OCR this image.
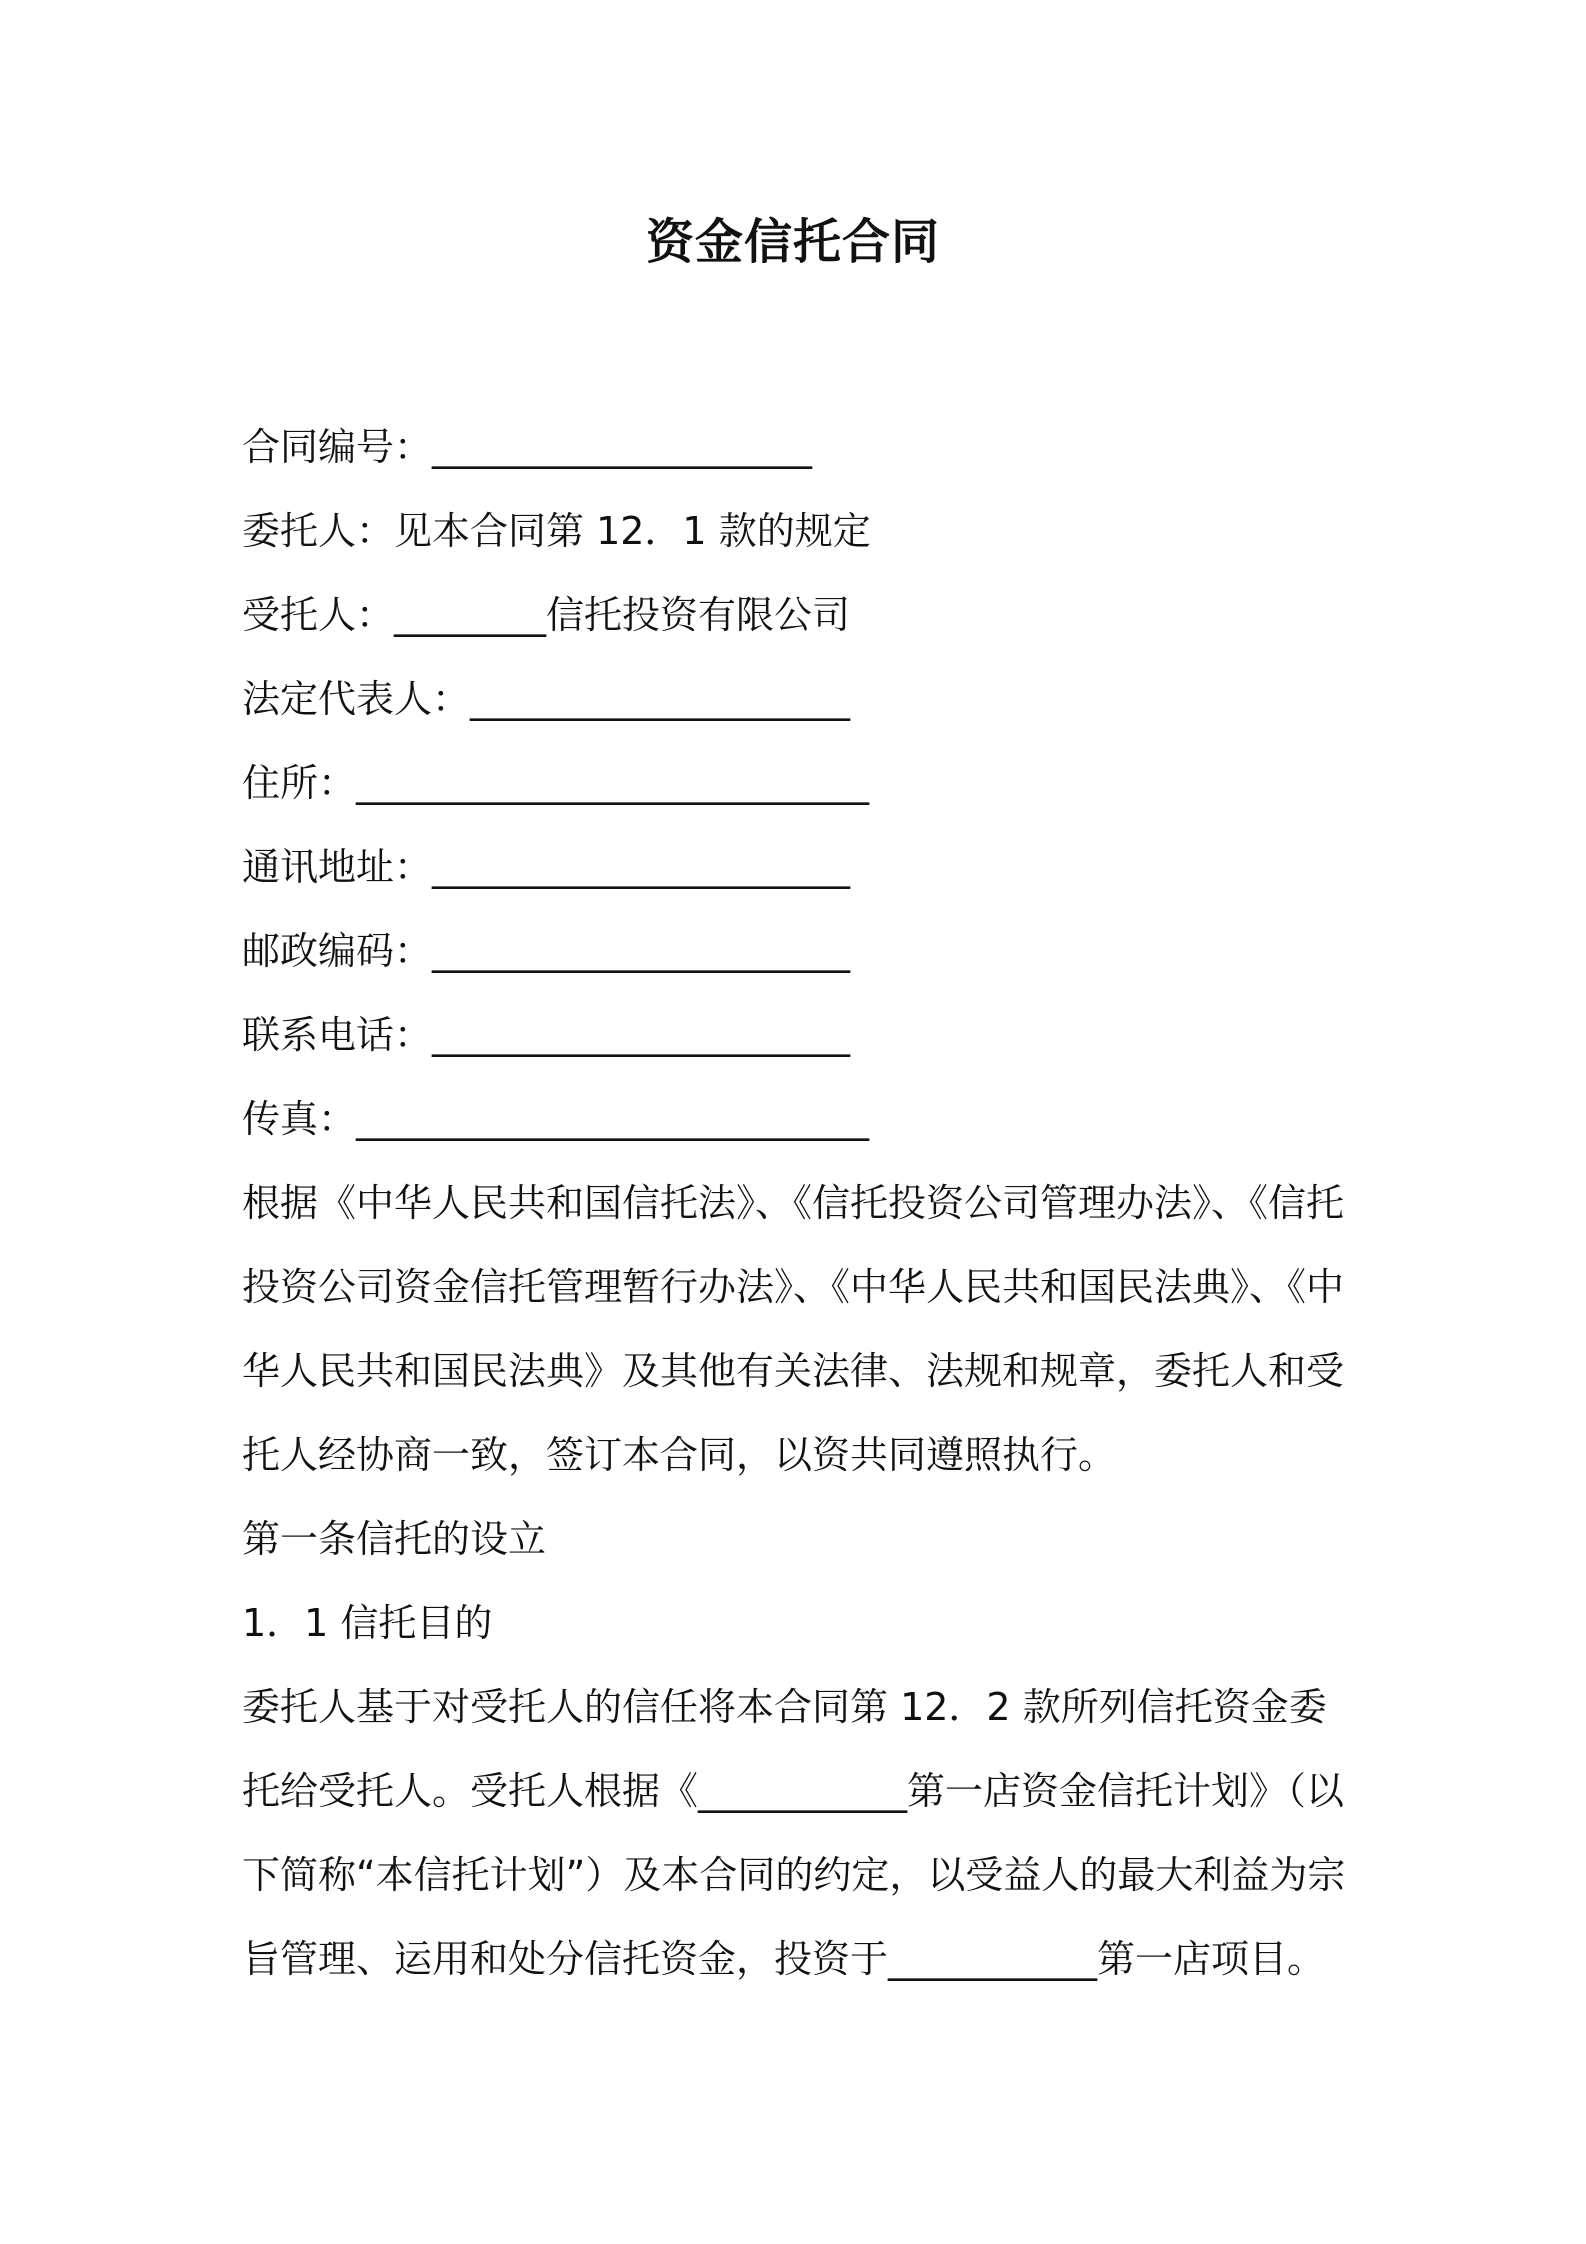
资金信托合同
合同编号：____________________
委托人：见本合同第 12．1 款的规定
受托人：________信托投资有限公司
法定代表人：____________________
住所：___________________________
通讯地址：______________________
邮政编码：______________________
联系电话：______________________
传真：___________________________
根据《中华人民共和国信托法》、《信托投资公司管理办法》、《信托投资公司资金信托管理暂行办法》、《中华人民共和国民法典》、《中华人民共和国民法典》及其他有关法律、法规和规章，委托人和受托人经协商一致，签订本合同，以资共同遵照执行。
第一条信托的设立
1．1 信托目的
委托人基于对受托人的信任将本合同第 12．2 款所列信托资金委托给受托人。受托人根据《___________第一店资金信托计划》（以下简称“本信托计划”）及本合同的约定，以受益人的最大利益为宗旨管理、运用和处分信托资金，投资于___________第一店项目。
